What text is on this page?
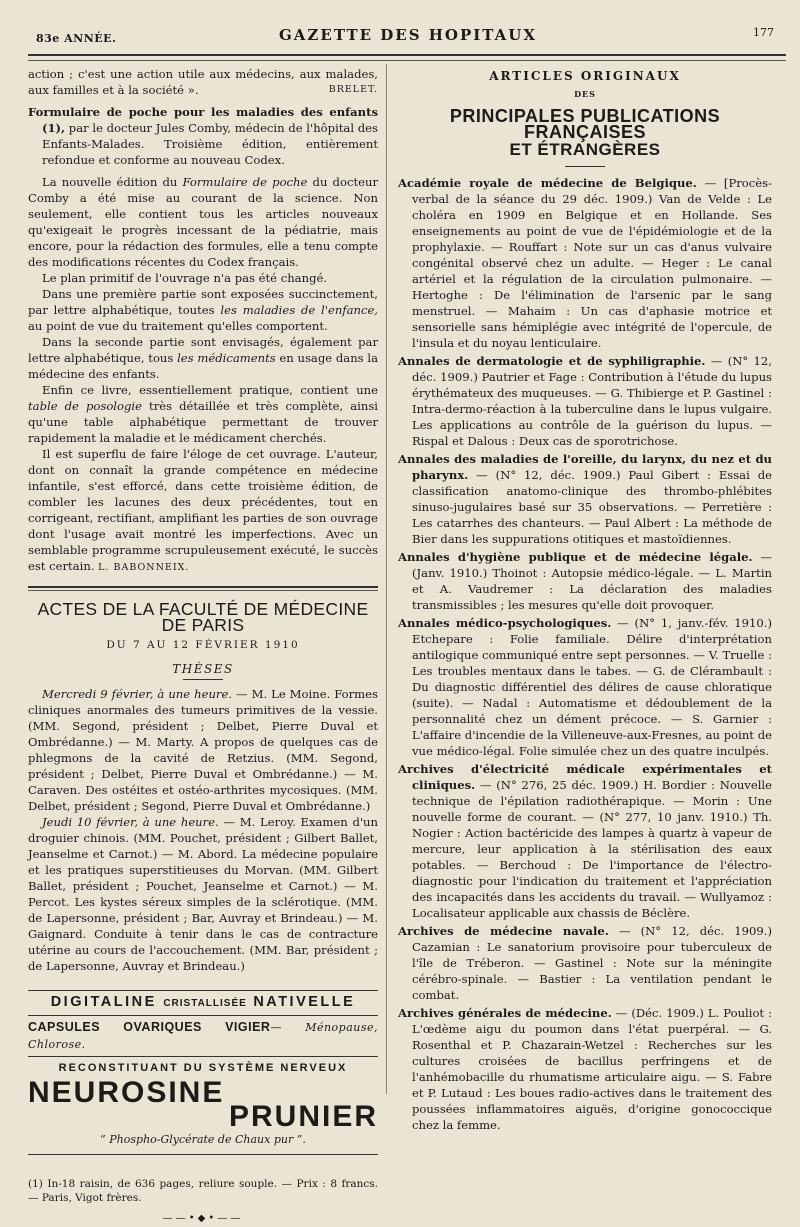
83e ANNÉE.	GAZETTE DES HOPITAUX	177

action ; c'est une action utile aux médecins, aux malades, aux familles et à la société ».	BRELET.

Formulaire de poche pour les maladies des enfants (1), par le docteur Jules Comby, médecin de l'hôpital des Enfants-Malades. Troisième édition, entièrement refondue et conforme au nouveau Codex.

La nouvelle édition du Formulaire de poche du docteur Comby a été mise au courant de la science. Non seulement, elle contient tous les articles nouveaux qu'exigeait le progrès incessant de la pédiatrie, mais encore, pour la rédaction des formules, elle a tenu compte des modifications récentes du Codex français.

Le plan primitif de l'ouvrage n'a pas été changé.

Dans une première partie sont exposées succinctement, par lettre alphabétique, toutes les maladies de l'enfance, au point de vue du traitement qu'elles comportent.

Dans la seconde partie sont envisagés, également par lettre alphabétique, tous les médicaments en usage dans la médecine des enfants.

Enfin ce livre, essentiellement pratique, contient une table de posologie très détaillée et très complète, ainsi qu'une table alphabétique permettant de trouver rapidement la maladie et le médicament cherchés.

Il est superflu de faire l'éloge de cet ouvrage. L'auteur, dont on connaît la grande compétence en médecine infantile, s'est efforcé, dans cette troisième édition, de combler les lacunes des deux précédentes, tout en corrigeant, rectifiant, amplifiant les parties de son ouvrage dont l'usage avait montré les imperfections. Avec un semblable programme scrupuleusement exécuté, le succès est certain. L. BABONNEIX.

ACTES DE LA FACULTÉ DE MÉDECINE DE PARIS
DU 7 AU 12 FÉVRIER 1910
THÈSES

Mercredi 9 février, à une heure. — M. Le Moine. Formes cliniques anormales des tumeurs primitives de la vessie. (MM. Segond, président ; Delbet, Pierre Duval et Ombrédanne.) — M. Marty. A propos de quelques cas de phlegmons de la cavité de Retzius. (MM. Segond, président ; Delbet, Pierre Duval et Ombrédanne.) — M. Caraven. Des ostéites et ostéo-arthrites mycosiques. (MM. Delbet, président ; Segond, Pierre Duval et Ombrédanne.)

Jeudi 10 février, à une heure. — M. Leroy. Examen d'un droguier chinois. (MM. Pouchet, président ; Gilbert Ballet, Jeanselme et Carnot.) — M. Abord. La médecine populaire et les pratiques superstitieuses du Morvan. (MM. Gilbert Ballet, président ; Pouchet, Jeanselme et Carnot.) — M. Percot. Les kystes séreux simples de la sclérotique. (MM. de Lapersonne, président ; Bar, Auvray et Brindeau.) — M. Gaignard. Conduite à tenir dans le cas de contracture utérine au cours de l'accouchement. (MM. Bar, président ; de Lapersonne, Auvray et Brindeau.)

DIGITALINE CRISTALLISÉE NATIVELLE
CAPSULES OVARIQUES VIGIER— Ménopause, Chlorose.
RECONSTITUANT DU SYSTÈME NERVEUX
NEUROSINE
PRUNIER
“ Phospho-Glycérate de Chaux pur ”.

(1) In-18 raisin, de 636 pages, reliure souple. — Prix : 8 francs. — Paris, Vigot frères.

——•◆•——
ARTICLES ORIGINAUX
DES
PRINCIPALES PUBLICATIONS FRANÇAISES
ET ÉTRANGÈRES
Académie royale de médecine de Belgique. — [Procès-verbal de la séance du 29 déc. 1909.) Van de Velde : Le choléra en 1909 en Belgique et en Hollande. Ses enseignements au point de vue de l'épidémiologie et de la prophylaxie. — Rouffart : Note sur un cas d'anus vulvaire congénital observé chez un adulte. — Heger : Le canal artériel et la régulation de la circulation pulmonaire. — Hertoghe : De l'élimination de l'arsenic par le sang menstruel. — Mahaim : Un cas d'aphasie motrice et sensorielle sans hémiplégie avec intégrité de l'opercule, de l'insula et du noyau lenticulaire.
Annales de dermatologie et de syphiligraphie. — (N° 12, déc. 1909.) Pautrier et Fage : Contribution à l'étude du lupus érythémateux des muqueuses. — G. Thibierge et P. Gastinel : Intra-dermo-réaction à la tuberculine dans le lupus vulgaire. Les applications au contrôle de la guérison du lupus. — Rispal et Dalous : Deux cas de sporotrichose.
Annales des maladies de l'oreille, du larynx, du nez et du pharynx. — (N° 12, déc. 1909.) Paul Gibert : Essai de classification anatomo-clinique des thrombo-phlébites sinuso-jugulaires basé sur 35 observations. — Perretière : Les catarrhes des chanteurs. — Paul Albert : La méthode de Bier dans les suppurations otitiques et mastoïdiennes.
Annales d'hygiène publique et de médecine légale. — (Janv. 1910.) Thoinot : Autopsie médico-légale. — L. Martin et A. Vaudremer : La déclaration des maladies transmissibles ; les mesures qu'elle doit provoquer.
Annales médico-psychologiques. — (N° 1, janv.-fév. 1910.) Etchepare : Folie familiale. Délire d'interprétation antilogique communiqué entre sept personnes. — V. Truelle : Les troubles mentaux dans le tabes. — G. de Clérambault : Du diagnostic différentiel des délires de cause chloratique (suite). — Nadal : Automatisme et dédoublement de la personnalité chez un dément précoce. — S. Garnier : L'affaire d'incendie de la Villeneuve-aux-Fresnes, au point de vue médico-légal. Folie simulée chez un des quatre inculpés.
Archives d'électricité médicale expérimentales et cliniques. — (N° 276, 25 déc. 1909.) H. Bordier : Nouvelle technique de l'épilation radiothérapique. — Morin : Une nouvelle forme de courant. — (N° 277, 10 janv. 1910.) Th. Nogier : Action bactéricide des lampes à quartz à vapeur de mercure, leur application à la stérilisation des eaux potables. — Berchoud : De l'importance de l'électro-diagnostic pour l'indication du traitement et l'appréciation des incapacités dans les accidents du travail. — Wullyamoz : Localisateur applicable aux chassis de Béclère.
Archives de médecine navale. — (N° 12, déc. 1909.) Cazamian : Le sanatorium provisoire pour tuberculeux de l'île de Tréberon. — Gastinel : Note sur la méningite cérébro-spinale. — Bastier : La ventilation pendant le combat.
Archives générales de médecine. — (Déc. 1909.) L. Pouliot : L'œdème aigu du poumon dans l'état puerpéral. — G. Rosenthal et P. Chazarain-Wetzel : Recherches sur les cultures croisées de bacillus perfringens et de l'anhémobacille du rhumatisme articulaire aigu. — S. Fabre et P. Lutaud : Les boues radio-actives dans le traitement des poussées inflammatoires aiguës, d'origine gonococcique chez la femme.
